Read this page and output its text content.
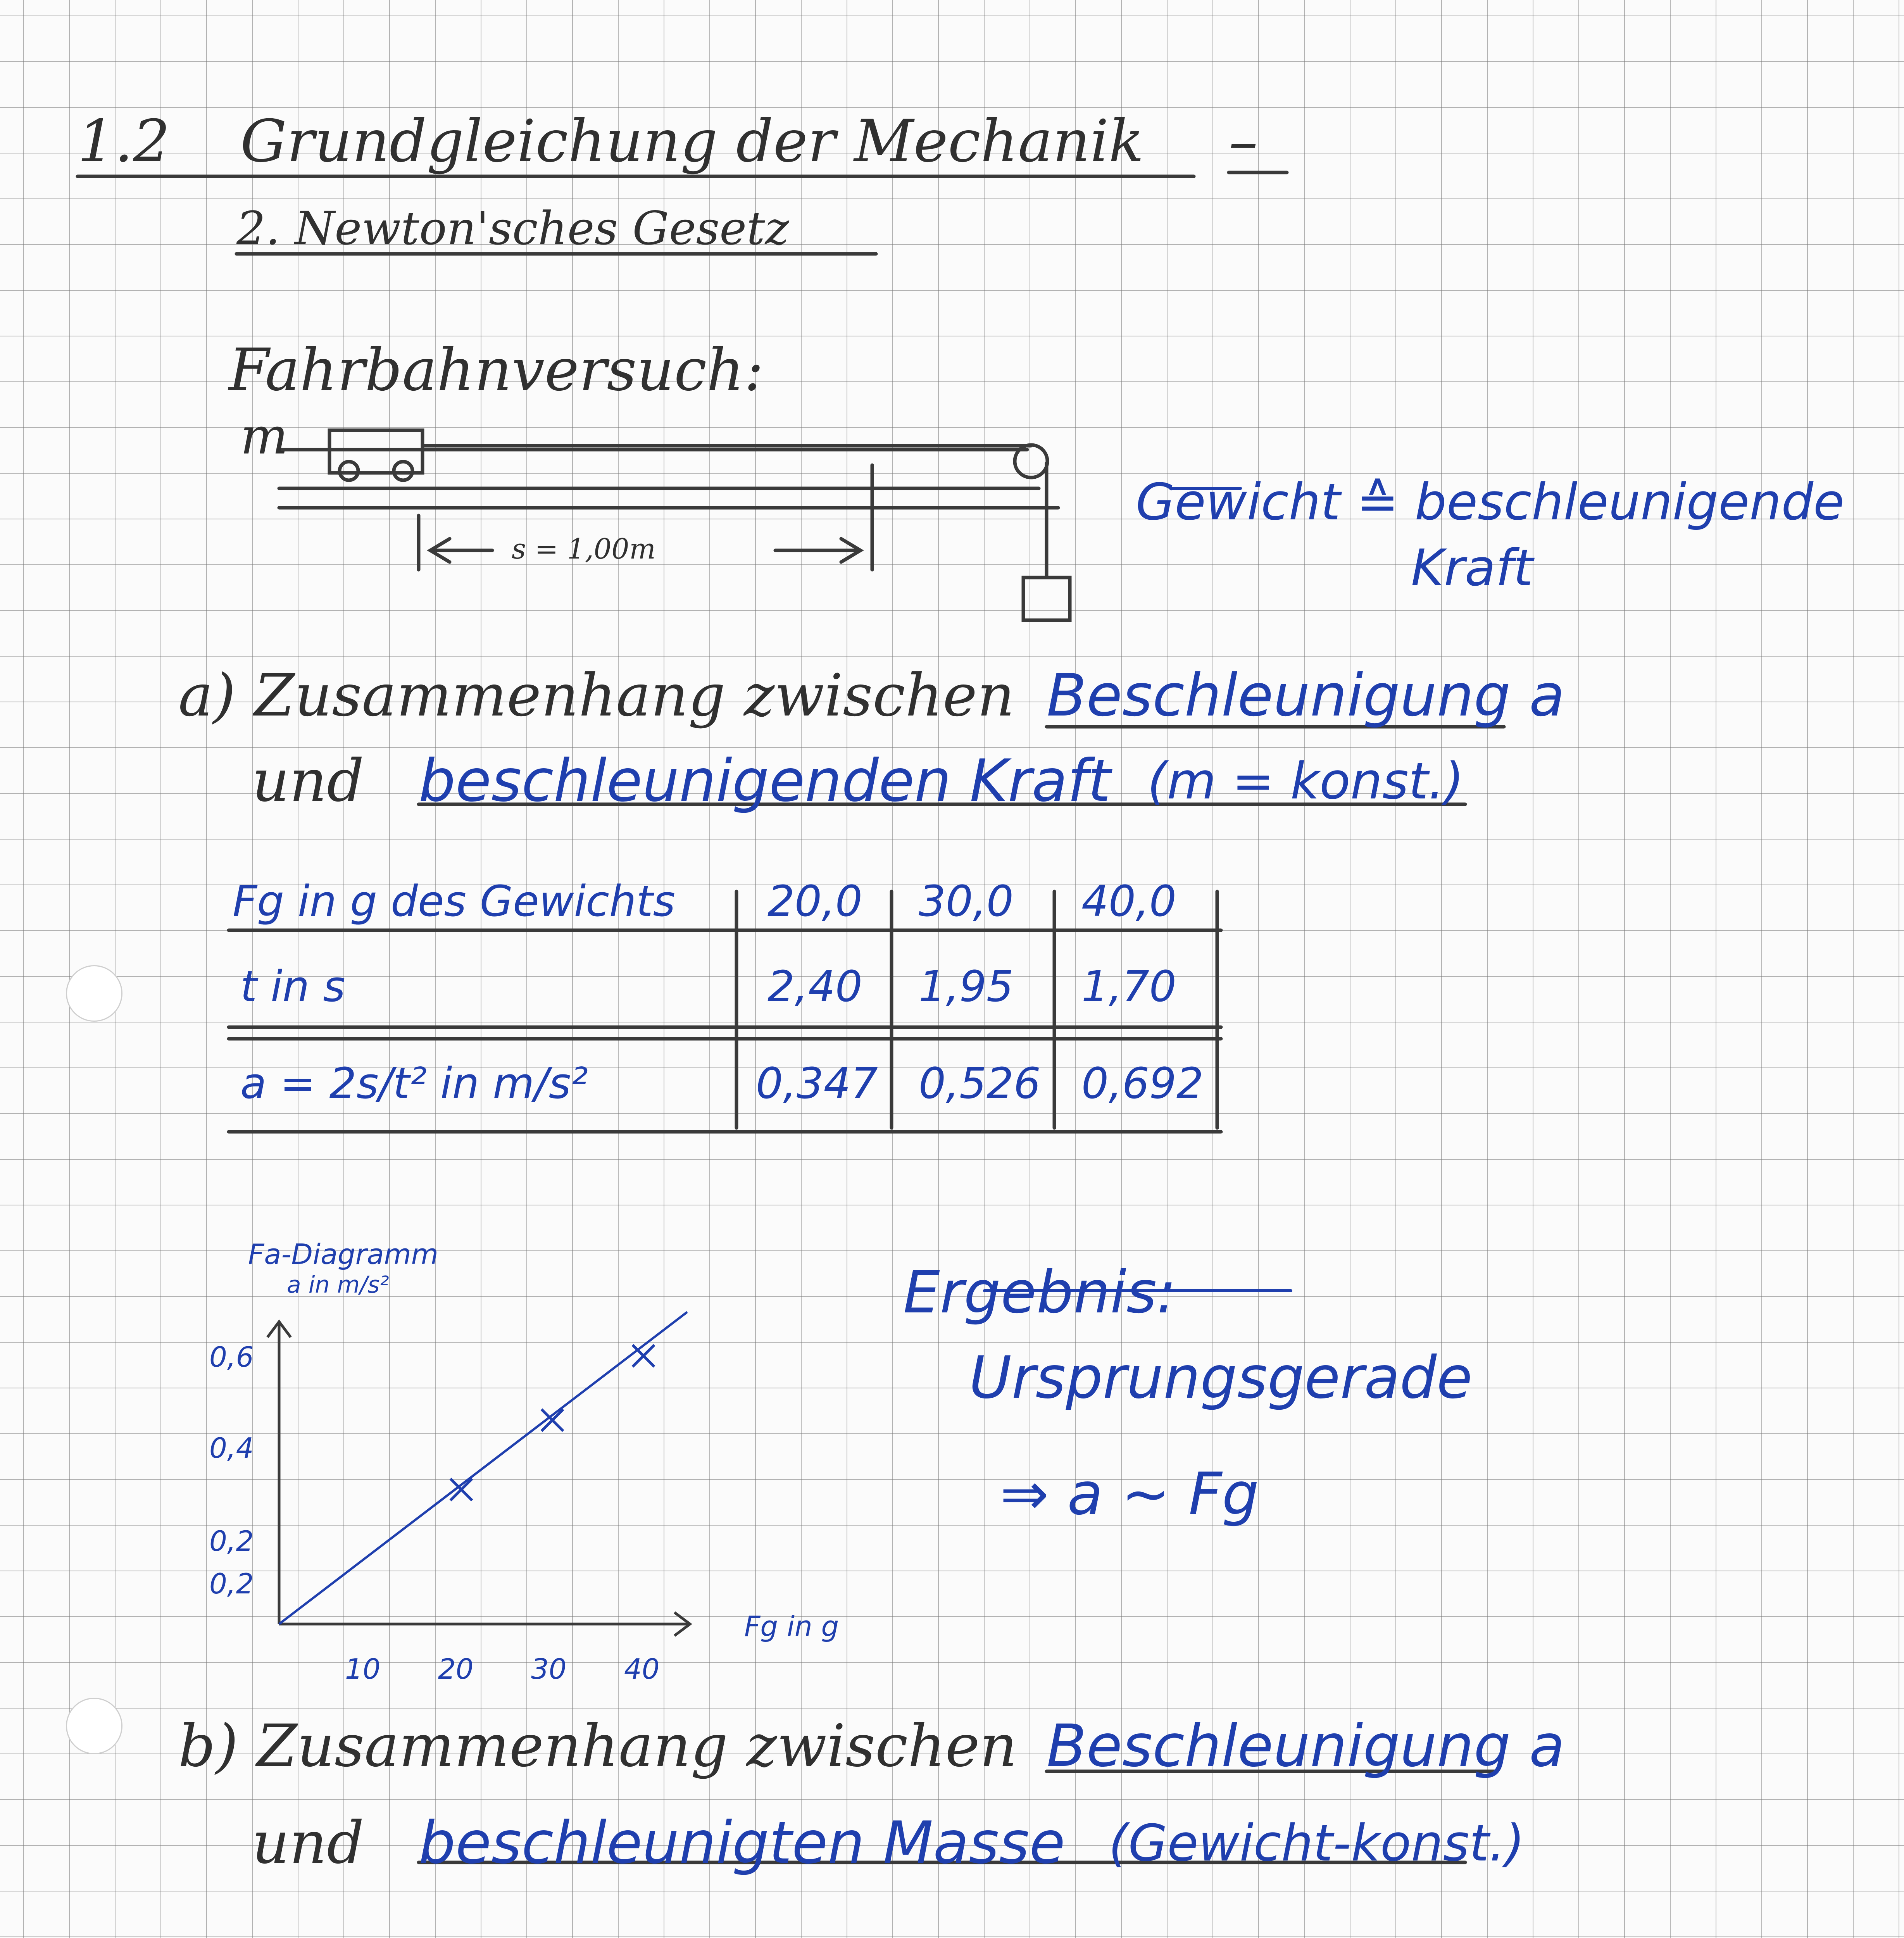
1.2 Grundgleichung der Mechanik –
2. Newton'sches Gesetz
Fahrbahnversuch:
m
s = 1,00m
Gewicht ≙ beschleunigende
Kraft
a) Zusammenhang zwischen Beschleunigung a
und beschleunigenden Kraft (m = konst.)
Fg in g des Gewichts 20,0 30,0 40,0
t in s	2,40 1,95 1,70
a = 2s/t² in m/s²	0,347 0,526 0,692
Ergebnis:
Ursprungsgerade
⇒ a ~ Fg
Fa-Diagramm
a in m/s²
Fg in g
0,2
0,2
0,4
0,6
10 20 30 40
b) Zusammenhang zwischen Beschleunigung a
und beschleunigten Masse (Gewicht-konst.)
